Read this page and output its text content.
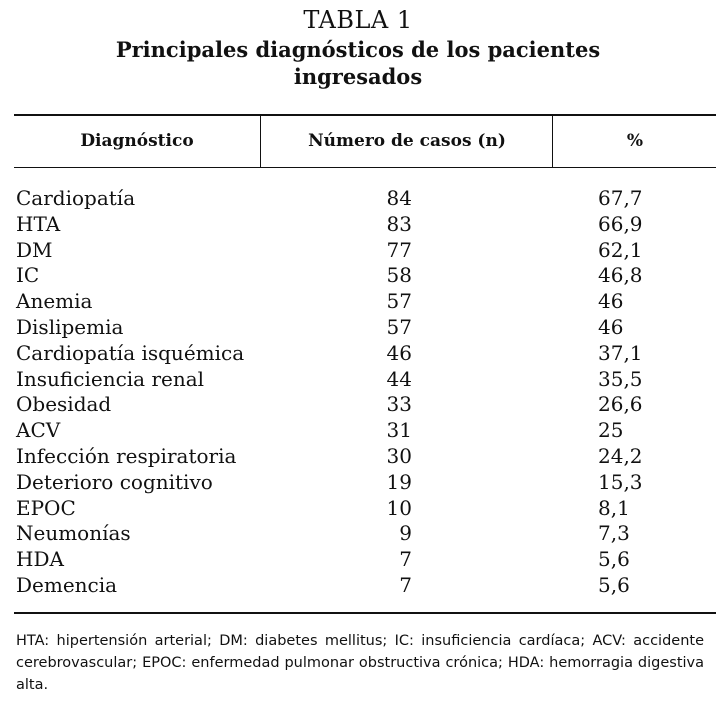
TABLA 1
Principales diagnósticos de los pacientes ingresados
Diagnóstico	Número de casos (n)	%
Cardiopatía	84	67,7
HTA	83	66,9
DM	77	62,1
IC	58	46,8
Anemia	57	46
Dislipemia	57	46
Cardiopatía isquémica	46	37,1
Insuficiencia renal	44	35,5
Obesidad	33	26,6
ACV	31	25
Infección respiratoria	30	24,2
Deterioro cognitivo	19	15,3
EPOC	10	8,1
Neumonías	9	7,3
HDA	7	5,6
Demencia	7	5,6
HTA: hipertensión arterial; DM: diabetes mellitus; IC: insuficiencia cardíaca; ACV: accidente cerebrovascular; EPOC: enfermedad pulmonar obstructiva crónica; HDA: hemorragia digestiva alta.
